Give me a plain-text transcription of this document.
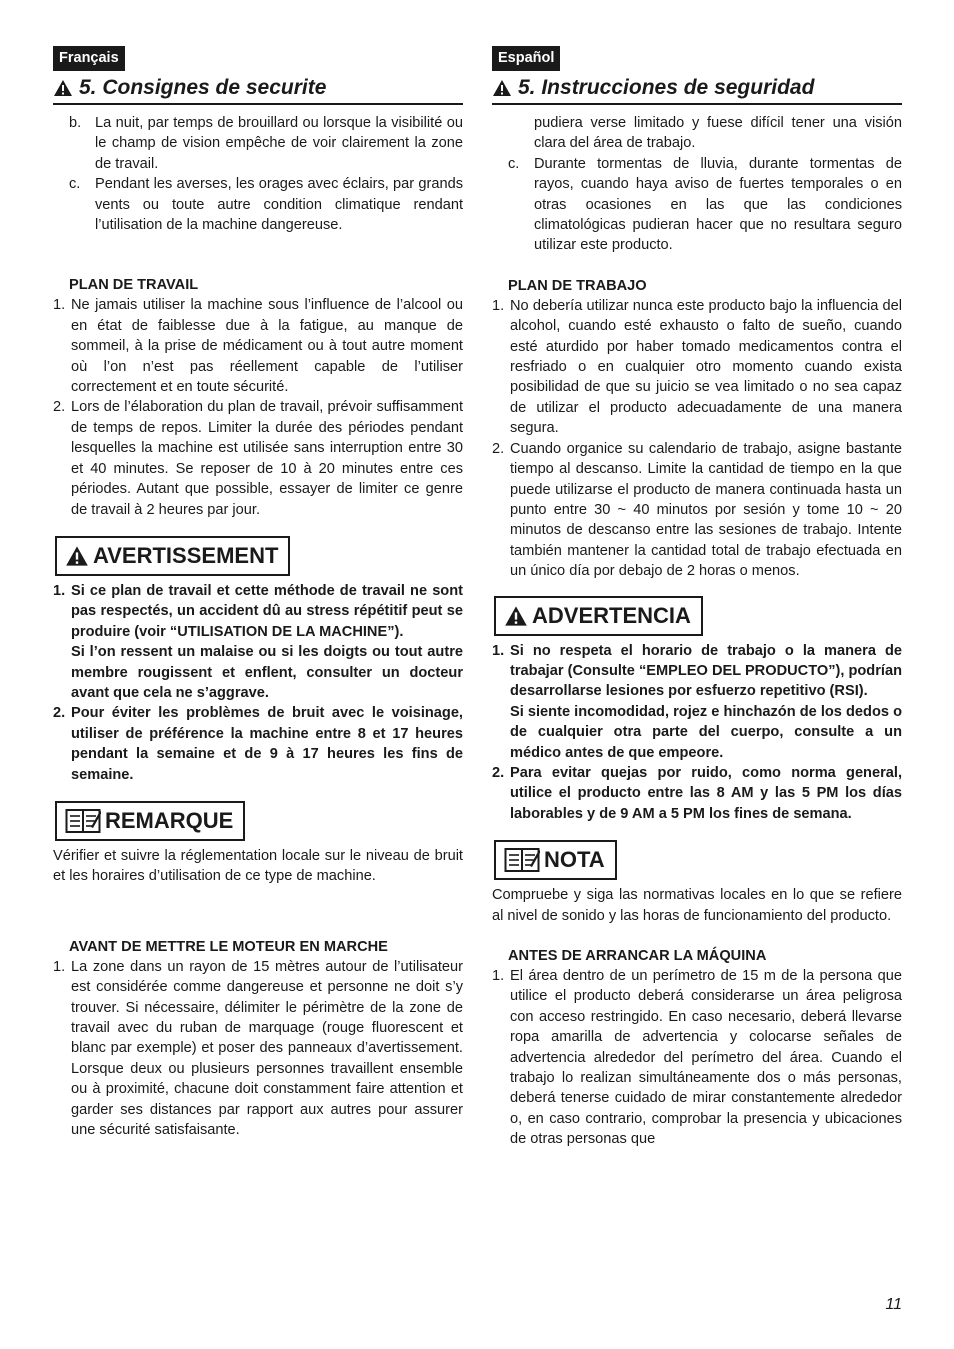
Français
5. Consignes de securite
b. La nuit, par temps de brouillard ou lorsque la visibilité ou le champ de vision empêche de voir clairement la zone de travail.
c.	Pendant les averses, les orages avec éclairs, par grands vents ou toute autre condition climatique rendant l’utilisation de la machine dangereuse.
PLAN DE TRAVAIL
1. Ne jamais utiliser la machine sous l’influence de l’alcool ou en état de faiblesse due à la fatigue, au manque de sommeil, à la prise de médicament ou à tout autre moment où l’on n’est pas réellement capable de l’utiliser correctement et en toute sécurité.
2. Lors de l’élaboration du plan de travail, prévoir suffisamment de temps de repos. Limiter la durée des périodes pendant lesquelles la machine est utilisée sans interruption entre 30 et 40 minutes. Se reposer de 10 à 20 minutes entre ces périodes. Autant que possible, essayer de limiter ce genre de travail à 2 heures par jour.
AVERTISSEMENT
1. Si ce plan de travail et cette méthode de travail ne sont pas respectés, un accident dû au stress répétitif peut se produire (voir “UTILISATION DE LA MACHINE”).
Si l’on ressent un malaise ou si les doigts ou tout autre membre rougissent et enflent, consulter un docteur avant que cela ne s’aggrave.
2. Pour éviter les problèmes de bruit avec le voisinage, utiliser de préférence la machine entre 8 et 17 heures pendant la semaine et de 9 à 17 heures les fins de semaine.
REMARQUE
Vérifier et suivre la réglementation locale sur le niveau de bruit et les horaires d’utilisation de ce type de machine.
AVANT DE METTRE LE MOTEUR EN MARCHE
1. La zone dans un rayon de 15 mètres autour de l’utilisateur est considérée comme dangereuse et personne ne doit s’y trouver. Si nécessaire, délimiter le périmètre de la zone de travail avec du ruban de marquage (rouge fluorescent et blanc par exemple) et poser des panneaux d’avertissement. Lorsque deux ou plusieurs personnes travaillent ensemble ou à proximité, chacune doit constamment faire attention et garder ses distances par rapport aux autres pour assurer une sécurité satisfaisante.
Español
5. Instrucciones de seguridad
pudiera verse limitado y fuese difícil tener una visión clara del área de trabajo.
c.	Durante tormentas de lluvia, durante tormentas de rayos, cuando haya aviso de fuertes temporales o en otras ocasiones en las que las condiciones climatológicas pudieran hacer que no resultara seguro utilizar este producto.
PLAN DE TRABAJO
1. No debería utilizar nunca este producto bajo la influencia del alcohol, cuando esté exhausto o falto de sueño, cuando esté aturdido por haber tomado medicamentos contra el resfriado o en cualquier otro momento cuando exista posibilidad de que su juicio se vea limitado o no sea capaz de utilizar el producto adecuadamente de una manera segura.
2. Cuando organice su calendario de trabajo, asigne bastante tiempo al descanso. Limite la cantidad de tiempo en la que puede utilizarse el producto de manera continuada hasta un punto entre 30 ~ 40 minutos por sesión y tome 10 ~ 20 minutos de descanso entre las sesiones de trabajo. Intente también mantener la cantidad total de trabajo efectuada en un único día por debajo de 2 horas o menos.
ADVERTENCIA
1. Si no respeta el horario de trabajo o la manera de trabajar (Consulte “EMPLEO DEL PRODUCTO”), podrían desarrollarse lesiones por esfuerzo repetitivo (RSI).
Si siente incomodidad, rojez e hinchazón de los dedos o de cualquier otra parte del cuerpo, consulte a un médico antes de que empeore.
2. Para evitar quejas por ruido, como norma general, utilice el producto entre las 8 AM y las 5 PM los días laborables y de 9 AM a 5 PM los fines de semana.
NOTA
Compruebe y siga las normativas locales en lo que se refiere al nivel de sonido y las horas de funcionamiento del producto.
ANTES DE ARRANCAR LA MÁQUINA
1. El área dentro de un perímetro de 15 m de la persona que utilice el producto deberá considerarse un área peligrosa con acceso restringido. En caso necesario, deberá llevarse ropa amarilla de advertencia y colocarse señales de advertencia alrededor del perímetro del área. Cuando el trabajo lo realizan simultáneamente dos o más personas, deberá tenerse cuidado de mirar constantemente alrededor o, en caso contrario, comprobar la presencia y ubicaciones de otras personas que
11
